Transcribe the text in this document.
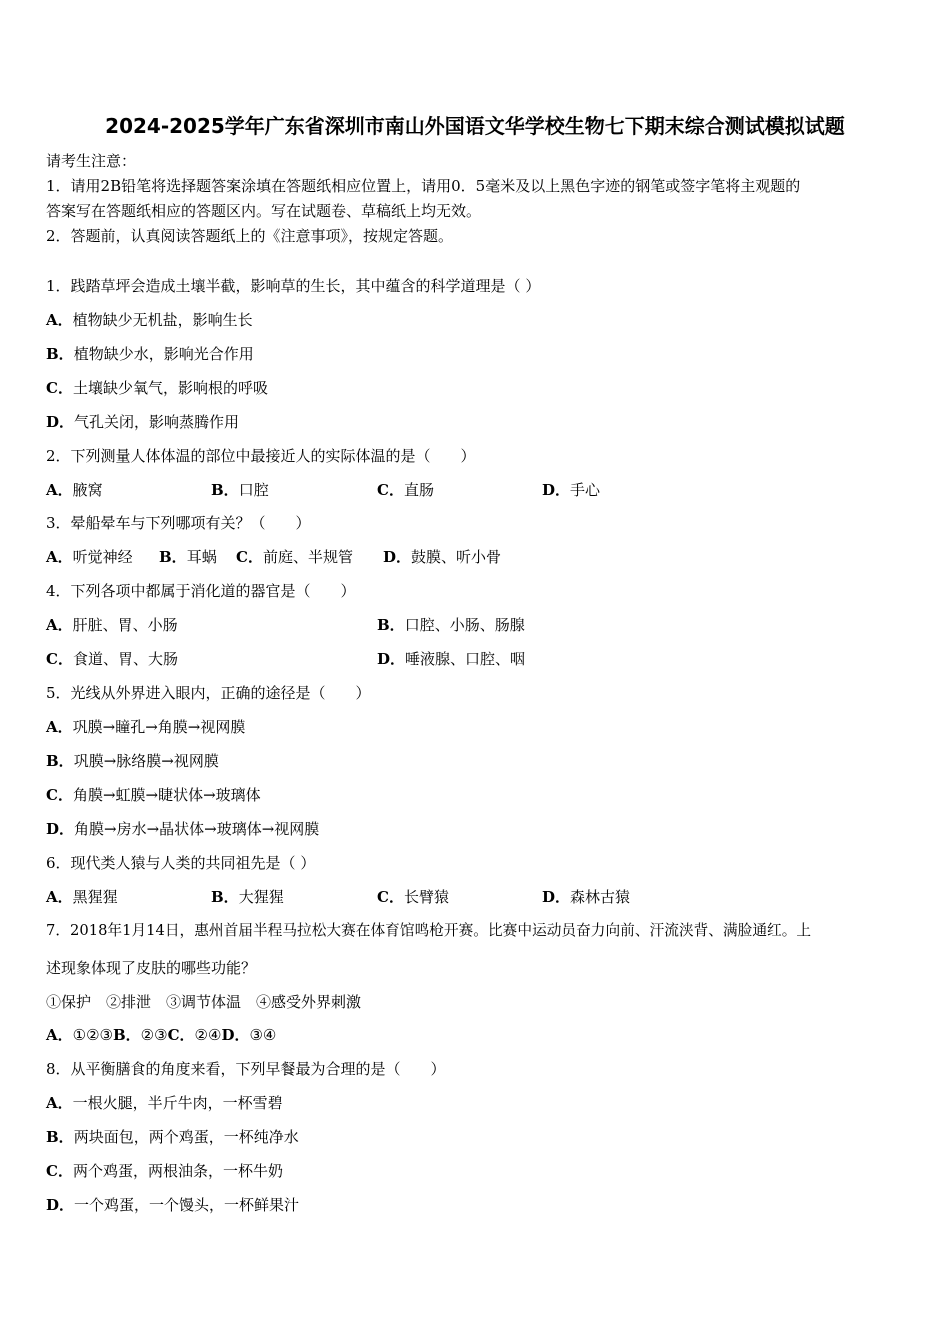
2024-2025学年广东省深圳市南山外国语文华学校生物七下期末综合测试模拟试题
请考生注意：
1．请用2B铅笔将选择题答案涂填在答题纸相应位置上，请用0．5毫米及以上黑色字迹的钢笔或签字笔将主观题的
答案写在答题纸相应的答题区内。写在试题卷、草稿纸上均无效。
2．答题前，认真阅读答题纸上的《注意事项》，按规定答题。
1．践踏草坪会造成土壤半截，影响草的生长，其中蕴含的科学道理是（ ）
A．植物缺少无机盐，影响生长
B．植物缺少水，影响光合作用
C．土壤缺少氧气，影响根的呼吸
D．气孔关闭，影响蒸腾作用
2．下列测量人体体温的部位中最接近人的实际体温的是（　　）
A．腋窝	B．口腔	C．直肠	D．手心
3．晕船晕车与下列哪项有关？（　　）
A．听觉神经 B．耳蜗 C．前庭、半规管 D．鼓膜、听小骨
4．下列各项中都属于消化道的器官是（　　）
A．肝脏、胃、小肠	B．口腔、小肠、肠腺
C．食道、胃、大肠	D．唾液腺、口腔、咽
5．光线从外界进入眼内，正确的途径是（　　）
A．巩膜→瞳孔→角膜→视网膜
B．巩膜→脉络膜→视网膜
C．角膜→虹膜→睫状体→玻璃体
D．角膜→房水→晶状体→玻璃体→视网膜
6．现代类人猿与人类的共同祖先是（ ）
A．黑猩猩	B．大猩猩	C．长臂猿	D．森林古猿
7．2018年1月14日，惠州首届半程马拉松大赛在体育馆鸣枪开赛。比赛中运动员奋力向前、汗流浃背、满脸通红。上
述现象体现了皮肤的哪些功能？
①保护　②排泄　③调节体温　④感受外界刺激
A．①②③B．②③C．②④D．③④
8．从平衡膳食的角度来看，下列早餐最为合理的是（　　）
A．一根火腿，半斤牛肉，一杯雪碧
B．两块面包，两个鸡蛋，一杯纯净水
C．两个鸡蛋，两根油条，一杯牛奶
D．一个鸡蛋，一个馒头，一杯鲜果汁
